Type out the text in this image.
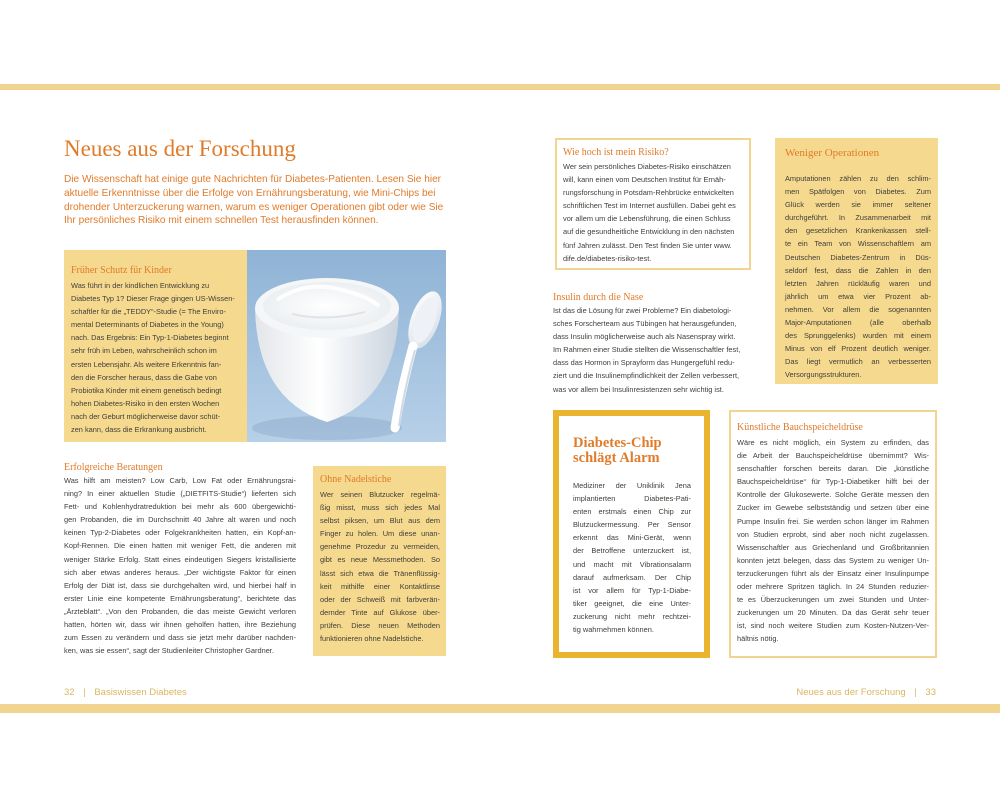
Neues aus der Forschung
Die Wissenschaft hat einige gute Nachrichten für Diabetes-Patienten. Lesen Sie hier
aktuelle Erkenntnisse über die Erfolge von Ernährungsberatung, wie Mini-Chips bei
drohender Unterzuckerung warnen, warum es weniger Operationen gibt oder wie Sie
Ihr persönliches Risiko mit einem schnellen Test herausfinden können.
Früher Schutz für Kinder
Was führt in der kindlichen Entwicklung zu
Diabetes Typ 1? Dieser Frage gingen US-Wissen-
schaftler für die „TEDDY“-Studie (= The Enviro-
mental Determinants of Diabetes in the Young)
nach. Das Ergebnis: Ein Typ-1-Diabetes beginnt
sehr früh im Leben, wahrscheinlich schon im
ersten Lebensjahr. Als weitere Erkenntnis fan-
den die Forscher heraus, dass die Gabe von
Probiotika Kinder mit einem genetisch bedingt
hohen Diabetes-Risiko in den ersten Wochen
nach der Geburt möglicherweise davor schüt-
zen kann, dass die Erkrankung ausbricht.
Erfolgreiche Beratungen
Was hilft am meisten? Low Carb, Low Fat oder Ernährungsrai-
ning? In einer aktuellen Studie („DIETFITS-Studie“) lieferten sich
Fett- und Kohlenhydratreduktion bei mehr als 600 übergewichti-
gen Probanden, die im Durchschnitt 40 Jahre alt waren und noch
keinen Typ-2-Diabetes oder Folgekrankheiten hatten, ein Kopf-an-
Kopf-Rennen. Die einen hatten mit weniger Fett, die anderen mit
weniger Stärke Erfolg. Statt eines eindeutigen Siegers kristallisierte
sich aber etwas anderes heraus. „Der wichtigste Faktor für einen
Erfolg der Diät ist, dass sie durchgehalten wird, und hierbei half in
erster Linie eine kompetente Ernährungsberatung“, berichtete das
„Ärzteblatt“. „Von den Probanden, die das meiste Gewicht verloren
hatten, hörten wir, dass wir ihnen geholfen hatten, ihre Beziehung
zum Essen zu verändern und dass sie jetzt mehr darüber nachden-
ken, was sie essen“, sagt der Studienleiter Christopher Gardner.
Ohne Nadelstiche
Wer seinen Blutzucker regelmä-
ßig misst, muss sich jedes Mal
selbst piksen, um Blut aus dem
Finger zu holen. Um diese unan-
genehme Prozedur zu vermeiden,
gibt es neue Messmethoden. So
lässt sich etwa die Tränenflüssig-
keit mithilfe einer Kontaktlinse
oder der Schweiß mit farbverän-
dernder Tinte auf Glukose über-
prüfen. Diese neuen Methoden
funktionieren ohne Nadelstiche.
Wie hoch ist mein Risiko?
Wer sein persönliches Diabetes-Risiko einschätzen
will, kann einen vom Deutschen Institut für Ernäh-
rungsforschung in Potsdam-Rehbrücke entwickelten
schriftlichen Test im Internet ausfüllen. Dabei geht es
vor allem um die Lebensführung, die einen Schluss
auf die gesundheitliche Entwicklung in den nächsten
fünf Jahren zulässt. Den Test finden Sie unter www.
dife.de/diabetes-risiko-test.
Insulin durch die Nase
Ist das die Lösung für zwei Probleme? Ein diabetologi-
sches Forscherteam aus Tübingen hat herausgefunden,
dass Insulin möglicherweise auch als Nasenspray wirkt.
Im Rahmen einer Studie stellten die Wissenschaftler fest,
dass das Hormon in Sprayform das Hungergefühl redu-
ziert und die Insulinempfindlichkeit der Zellen verbessert,
was vor allem bei Insulinresistenzen sehr wichtig ist.
Weniger Operationen
Amputationen zählen zu den schlim-
men Spätfolgen von Diabetes. Zum
Glück werden sie immer seltener
durchgeführt. In Zusammenarbeit mit
den gesetzlichen Krankenkassen stell-
te ein Team von Wissenschaftlern am
Deutschen Diabetes-Zentrum in Düs-
seldorf fest, dass die Zahlen in den
letzten Jahren rückläufig waren und
jährlich um etwa vier Prozent ab-
nehmen. Vor allem die sogenannten
Major-Amputationen (alle oberhalb
des Sprunggelenks) wurden mit einem
Minus von elf Prozent deutlich weniger.
Das liegt vermutlich an verbesserten
Versorgungsstrukturen.
Diabetes-Chip
schlägt Alarm
Mediziner der Uniklinik Jena
implantierten Diabetes-Pati-
enten erstmals einen Chip zur
Blutzuckermessung. Per Sensor
erkennt das Mini-Gerät, wenn
der Betroffene unterzuckert ist,
und macht mit Vibrationsalarm
darauf aufmerksam. Der Chip
ist vor allem für Typ-1-Diabe-
tiker geeignet, die eine Unter-
zuckerung nicht mehr rechtzei-
tig wahrnehmen können.
Künstliche Bauchspeicheldrüse
Wäre es nicht möglich, ein System zu erfinden, das
die Arbeit der Bauchspeicheldrüse übernimmt? Wis-
senschaftler forschen bereits daran. Die „künstliche
Bauchspeicheldrüse“ für Typ-1-Diabetiker hilft bei der
Kontrolle der Glukosewerte. Solche Geräte messen den
Zucker im Gewebe selbstständig und setzen über eine
Pumpe Insulin frei. Sie werden schon länger im Rahmen
von Studien erprobt, sind aber noch nicht zugelassen.
Wissenschaftler aus Griechenland und Großbritannien
konnten jetzt belegen, dass das System zu weniger Un-
terzuckerungen führt als der Einsatz einer Insulinpumpe
oder mehrere Spritzen täglich. In 24 Stunden reduzier-
te es Überzuckerungen um zwei Stunden und Unter-
zuckerungen um 20 Minuten. Da das Gerät sehr teuer
ist, sind noch weitere Studien zum Kosten-Nutzen-Ver-
hältnis nötig.
32 | Basiswissen Diabetes	Neues aus der Forschung | 33
